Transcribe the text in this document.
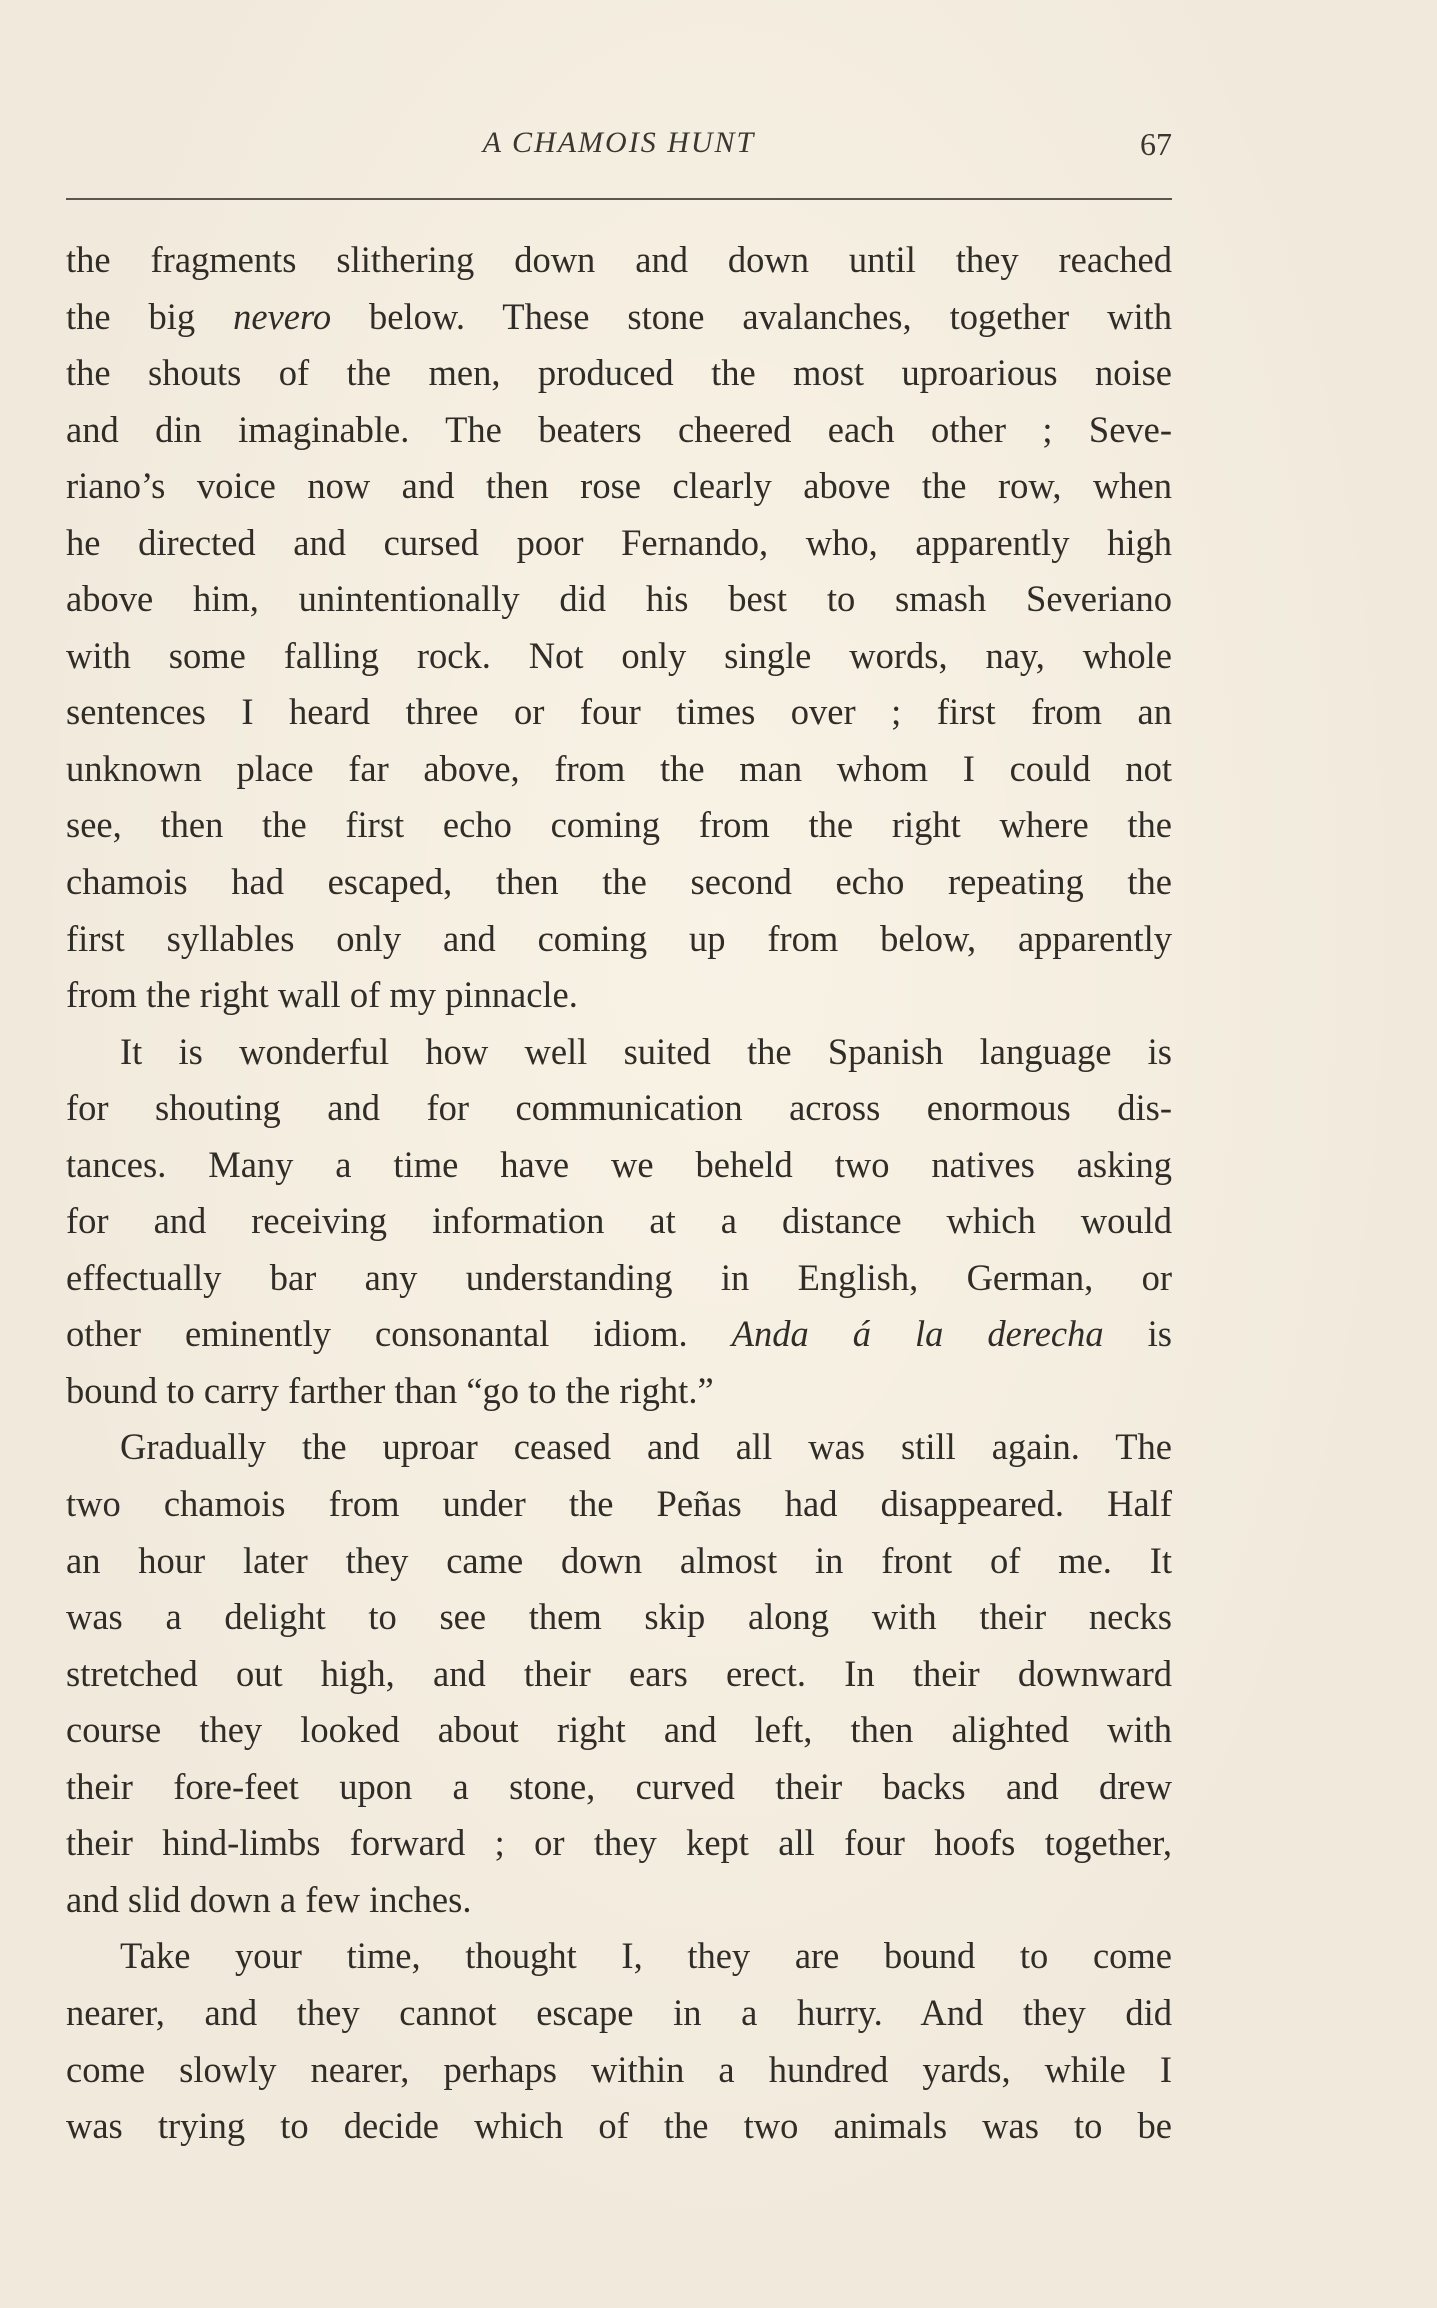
A CHAMOIS HUNT	67
the fragments slithering down and down until they reached
the big nevero below. These stone avalanches, together with
the shouts of the men, produced the most uproarious noise
and din imaginable. The beaters cheered each other ; Seve-
riano’s voice now and then rose clearly above the row, when
he directed and cursed poor Fernando, who, apparently high
above him, unintentionally did his best to smash Severiano
with some falling rock. Not only single words, nay, whole
sentences I heard three or four times over ; first from an
unknown place far above, from the man whom I could not
see, then the first echo coming from the right where the
chamois had escaped, then the second echo repeating the
first syllables only and coming up from below, apparently
from the right wall of my pinnacle.
It is wonderful how well suited the Spanish language is
for shouting and for communication across enormous dis-
tances. Many a time have we beheld two natives asking
for and receiving information at a distance which would
effectually bar any understanding in English, German, or
other eminently consonantal idiom. Anda á la derecha is
bound to carry farther than “go to the right.”
Gradually the uproar ceased and all was still again. The
two chamois from under the Peñas had disappeared. Half
an hour later they came down almost in front of me. It
was a delight to see them skip along with their necks
stretched out high, and their ears erect. In their downward
course they looked about right and left, then alighted with
their fore-feet upon a stone, curved their backs and drew
their hind-limbs forward ; or they kept all four hoofs together,
and slid down a few inches.
Take your time, thought I, they are bound to come
nearer, and they cannot escape in a hurry. And they did
come slowly nearer, perhaps within a hundred yards, while I
was trying to decide which of the two animals was to be
